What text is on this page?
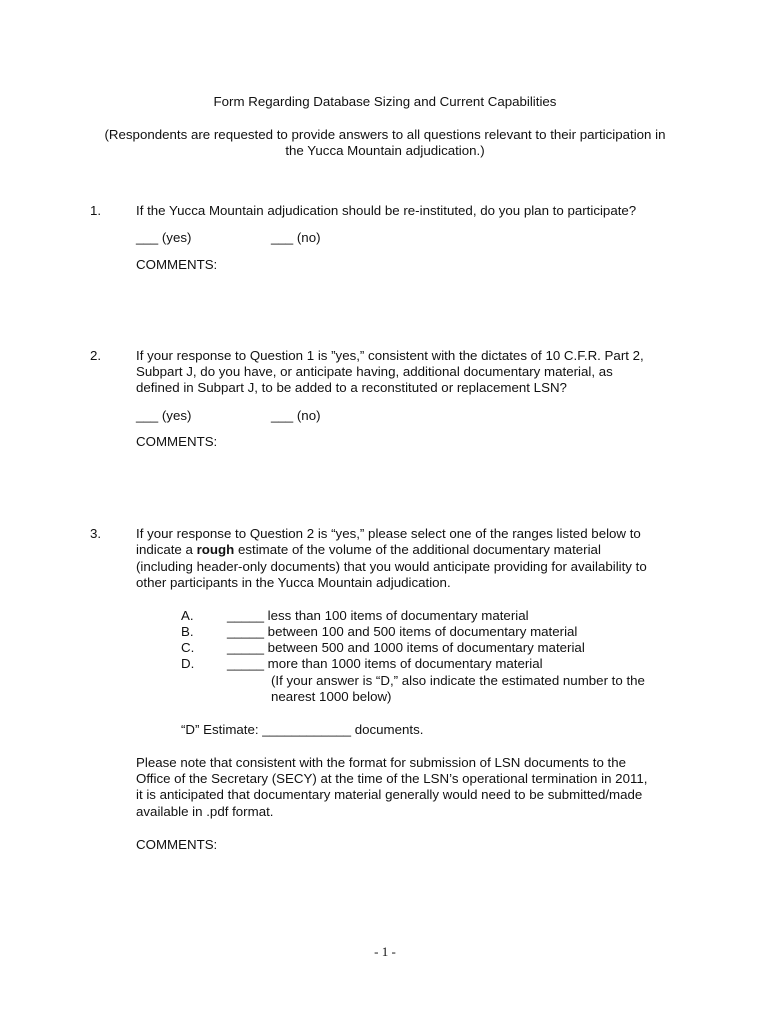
Form Regarding Database Sizing and Current Capabilities
(Respondents are requested to provide answers to all questions relevant to their participation in
the Yucca Mountain adjudication.)
1.	If the Yucca Mountain adjudication should be re-instituted, do you plan to participate?
___ (yes)	___ (no)
COMMENTS:
2.	If your response to Question 1 is ”yes,” consistent with the dictates of 10 C.F.R. Part 2,
Subpart J, do you have, or anticipate having, additional documentary material, as
defined in Subpart J, to be added to a reconstituted or replacement LSN?
___ (yes)	___ (no)
COMMENTS:
3.	If your response to Question 2 is “yes,” please select one of the ranges listed below to
indicate a rough estimate of the volume of the additional documentary material
(including header-only documents) that you would anticipate providing for availability to
other participants in the Yucca Mountain adjudication.
A.	_____ less than 100 items of documentary material
B.	_____ between 100 and 500 items of documentary material
C. _____ between 500 and 1000 items of documentary material
D. _____ more than 1000 items of documentary material
(If your answer is “D,” also indicate the estimated number to the
nearest 1000 below)
“D” Estimate: ____________ documents.
Please note that consistent with the format for submission of LSN documents to the
Office of the Secretary (SECY) at the time of the LSN’s operational termination in 2011,
it is anticipated that documentary material generally would need to be submitted/made
available in .pdf format.
COMMENTS:
- 1 -
